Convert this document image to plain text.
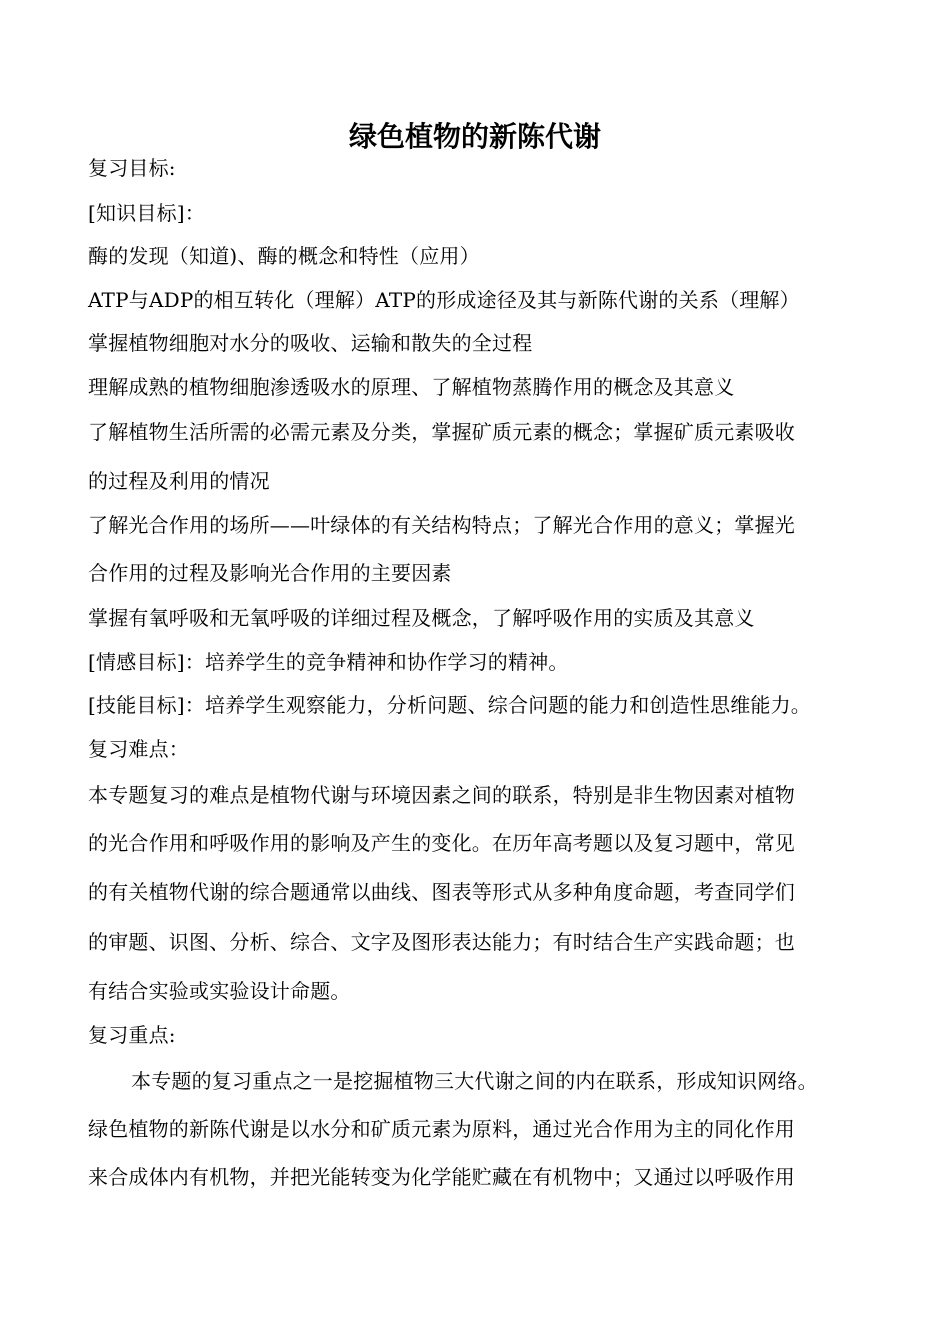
绿色植物的新陈代谢
复习目标:
[知识目标]：
酶的发现（知道)、酶的概念和特性（应用）
ATP与ADP的相互转化（理解）ATP的形成途径及其与新陈代谢的关系（理解）
掌握植物细胞对水分的吸收、运输和散失的全过程
理解成熟的植物细胞渗透吸水的原理、了解植物蒸腾作用的概念及其意义
了解植物生活所需的必需元素及分类，掌握矿质元素的概念；掌握矿质元素吸收
的过程及利用的情况
了解光合作用的场所——叶绿体的有关结构特点；了解光合作用的意义；掌握光
合作用的过程及影响光合作用的主要因素
掌握有氧呼吸和无氧呼吸的详细过程及概念，了解呼吸作用的实质及其意义
[情感目标]：培养学生的竞争精神和协作学习的精神。
[技能目标]：培养学生观察能力，分析问题、综合问题的能力和创造性思维能力。
复习难点：
本专题复习的难点是植物代谢与环境因素之间的联系，特别是非生物因素对植物
的光合作用和呼吸作用的影响及产生的变化。在历年高考题以及复习题中，常见
的有关植物代谢的综合题通常以曲线、图表等形式从多种角度命题，考查同学们
的审题、识图、分析、综合、文字及图形表达能力；有时结合生产实践命题；也
有结合实验或实验设计命题。
复习重点:
本专题的复习重点之一是挖掘植物三大代谢之间的内在联系，形成知识网络。
绿色植物的新陈代谢是以水分和矿质元素为原料，通过光合作用为主的同化作用
来合成体内有机物，并把光能转变为化学能贮藏在有机物中；又通过以呼吸作用
